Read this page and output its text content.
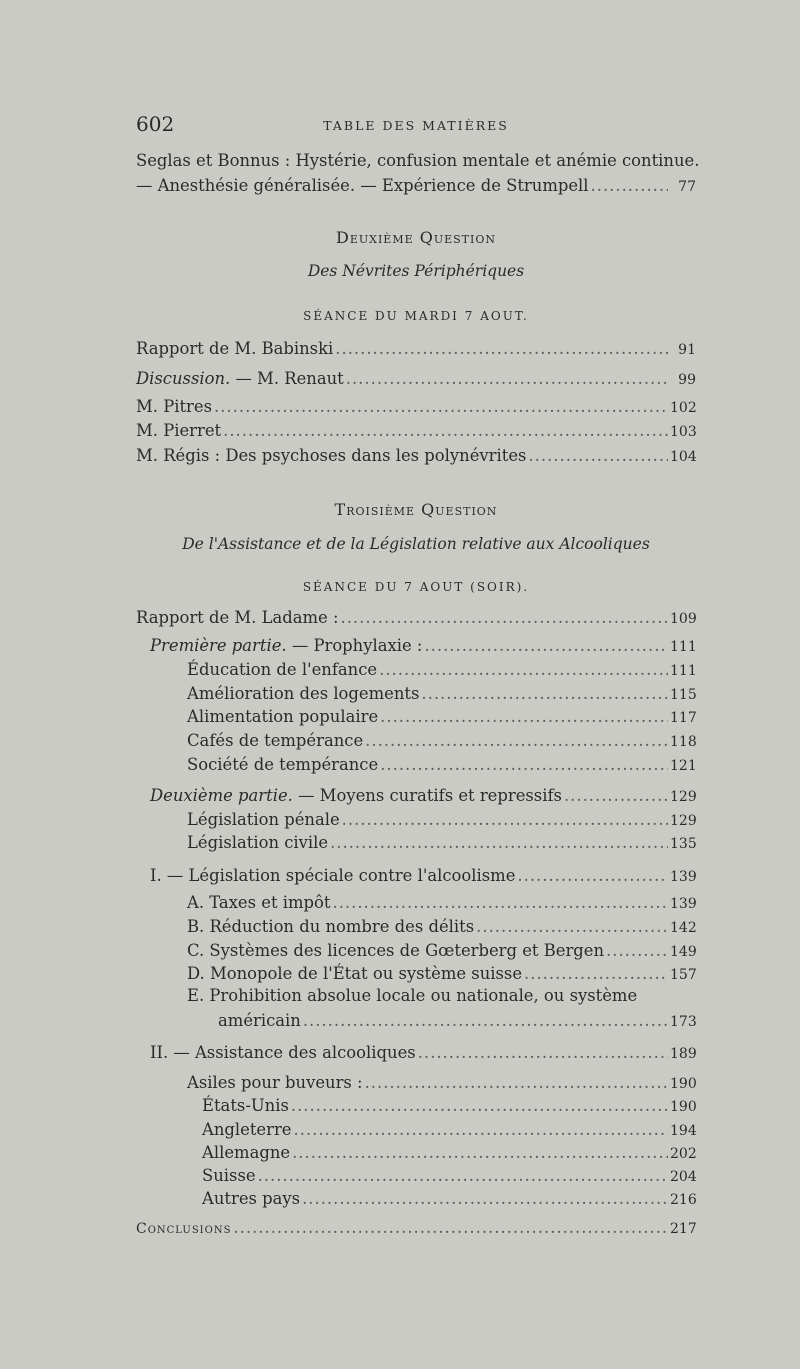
602	TABLE DES MATIÈRES
Seglas et Bonnus : Hystérie, confusion mentale et anémie continue.
— Anesthésie généralisée. — Expérience de Strumpell .....	77
Deuxième Question
Des Névrites Périphériques
SÉANCE DU MARDI 7 AOUT.
Rapport de M. Babinski .....	91
Discussion. — M. Renaut .....	99
M. Pitres .....	102
M. Pierret .....	103
M. Régis : Des psychoses dans les polynévrites .....	104
Troisième Question
De l'Assistance et de la Législation relative aux Alcooliques
SÉANCE DU 7 AOUT (SOIR).
Rapport de M. Ladame : .....	109
Première partie. — Prophylaxie : .....	111
Éducation de l'enfance .....	111
Amélioration des logements .....	115
Alimentation populaire .....	117
Cafés de tempérance .....	118
Société de tempérance .....	121
Deuxième partie. — Moyens curatifs et repressifs .....	129
Législation pénale .....	129
Législation civile .....	135
I. — Législation spéciale contre l'alcoolisme .....	139
A. Taxes et impôt .....	139
B. Réduction du nombre des délits .....	142
C. Systèmes des licences de Gœterberg et Bergen .....	149
D. Monopole de l'État ou système suisse .....	157
E. Prohibition absolue locale ou nationale, ou système
américain .....	173
II. — Assistance des alcooliques .....	189
Asiles pour buveurs : .....	190
États-Unis .....	190
Angleterre .....	194
Allemagne .....	202
Suisse .....	204
Autres pays .....	216
Conclusions .....	217
